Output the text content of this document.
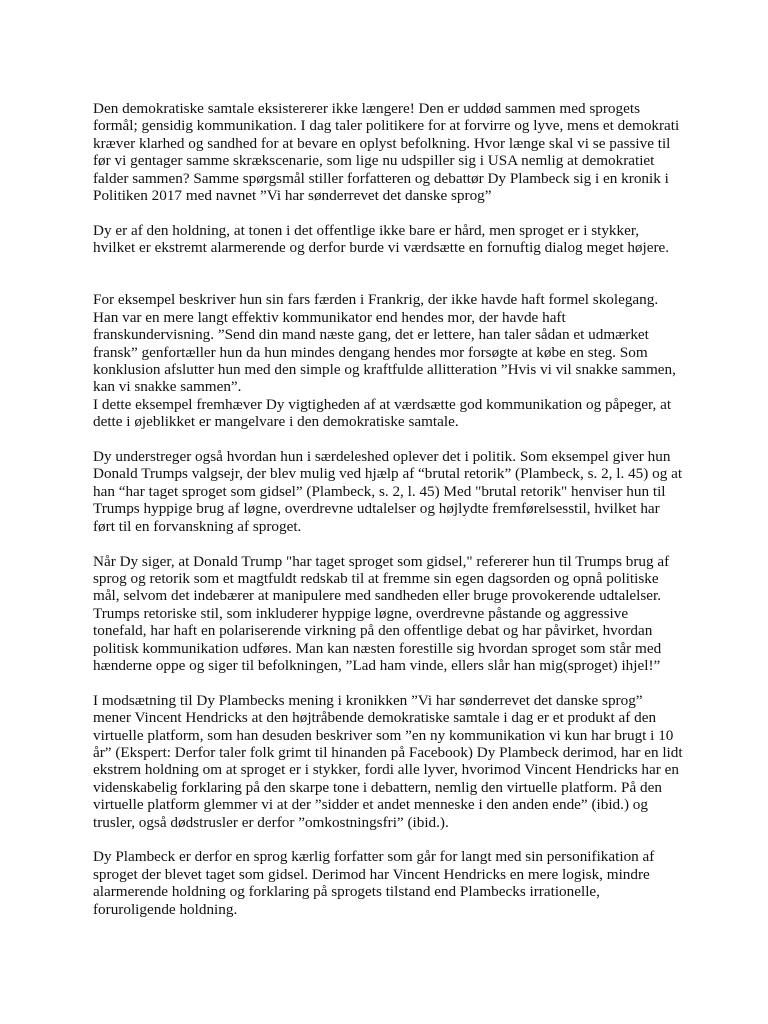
Den demokratiske samtale eksistererer ikke længere! Den er uddød sammen med sprogets formål; gensidig kommunikation. I dag taler politikere for at forvirre og lyve, mens et demokrati kræver klarhed og sandhed for at bevare en oplyst befolkning. Hvor længe skal vi se passive til før vi gentager samme skrækscenarie, som lige nu udspiller sig i USA nemlig at demokratiet falder sammen? Samme spørgsmål stiller forfatteren og debattør Dy Plambeck sig i en kronik i Politiken 2017 med navnet ”Vi har sønderrevet det danske sprog”

Dy er af den holdning, at tonen i det offentlige ikke bare er hård, men sproget er i stykker, hvilket er ekstremt alarmerende og derfor burde vi værdsætte en fornuftig dialog meget højere.

For eksempel beskriver hun sin fars færden i Frankrig, der ikke havde haft formel skolegang. Han var en mere langt effektiv kommunikator end hendes mor, der havde haft franskundervisning. ”Send din mand næste gang, det er lettere, han taler sådan et udmærket fransk” genfortæller hun da hun mindes dengang hendes mor forsøgte at købe en steg. Som konklusion afslutter hun med den simple og kraftfulde allitteration ”Hvis vi vil snakke sammen, kan vi snakke sammen”.

I dette eksempel fremhæver Dy vigtigheden af at værdsætte god kommunikation og påpeger, at dette i øjeblikket er mangelvare i den demokratiske samtale.

Dy understreger også hvordan hun i særdeleshed oplever det i politik. Som eksempel giver hun Donald Trumps valgsejr, der blev mulig ved hjælp af “brutal retorik” (Plambeck, s. 2, l. 45) og at han “har taget sproget som gidsel” (Plambeck, s. 2, l. 45) Med "brutal retorik" henviser hun til Trumps hyppige brug af løgne, overdrevne udtalelser og højlydte fremførelsesstil, hvilket har ført til en forvanskning af sproget.

Når Dy siger, at Donald Trump "har taget sproget som gidsel," refererer hun til Trumps brug af sprog og retorik som et magtfuldt redskab til at fremme sin egen dagsorden og opnå politiske mål, selvom det indebærer at manipulere med sandheden eller bruge provokerende udtalelser. Trumps retoriske stil, som inkluderer hyppige løgne, overdrevne påstande og aggressive tonefald, har haft en polariserende virkning på den offentlige debat og har påvirket, hvordan politisk kommunikation udføres. Man kan næsten forestille sig hvordan sproget som står med hænderne oppe og siger til befolkningen, ”Lad ham vinde, ellers slår han mig(sproget) ihjel!”

I modsætning til Dy Plambecks mening i kronikken ”Vi har sønderrevet det danske sprog” mener Vincent Hendricks at den højtråbende demokratiske samtale i dag er et produkt af den virtuelle platform, som han desuden beskriver som ”en ny kommunikation vi kun har brugt i 10 år” (Ekspert: Derfor taler folk grimt til hinanden på Facebook) Dy Plambeck derimod, har en lidt ekstrem holdning om at sproget er i stykker, fordi alle lyver, hvorimod Vincent Hendricks har en videnskabelig forklaring på den skarpe tone i debattern, nemlig den virtuelle platform. På den virtuelle platform glemmer vi at der ”sidder et andet menneske i den anden ende” (ibid.) og trusler, også dødstrusler er derfor ”omkostningsfri” (ibid.).

Dy Plambeck er derfor en sprog kærlig forfatter som går for langt med sin personifikation af sproget der blevet taget som gidsel. Derimod har Vincent Hendricks en mere logisk, mindre alarmerende holdning og forklaring på sprogets tilstand end Plambecks irrationelle, foruroligende holdning.
